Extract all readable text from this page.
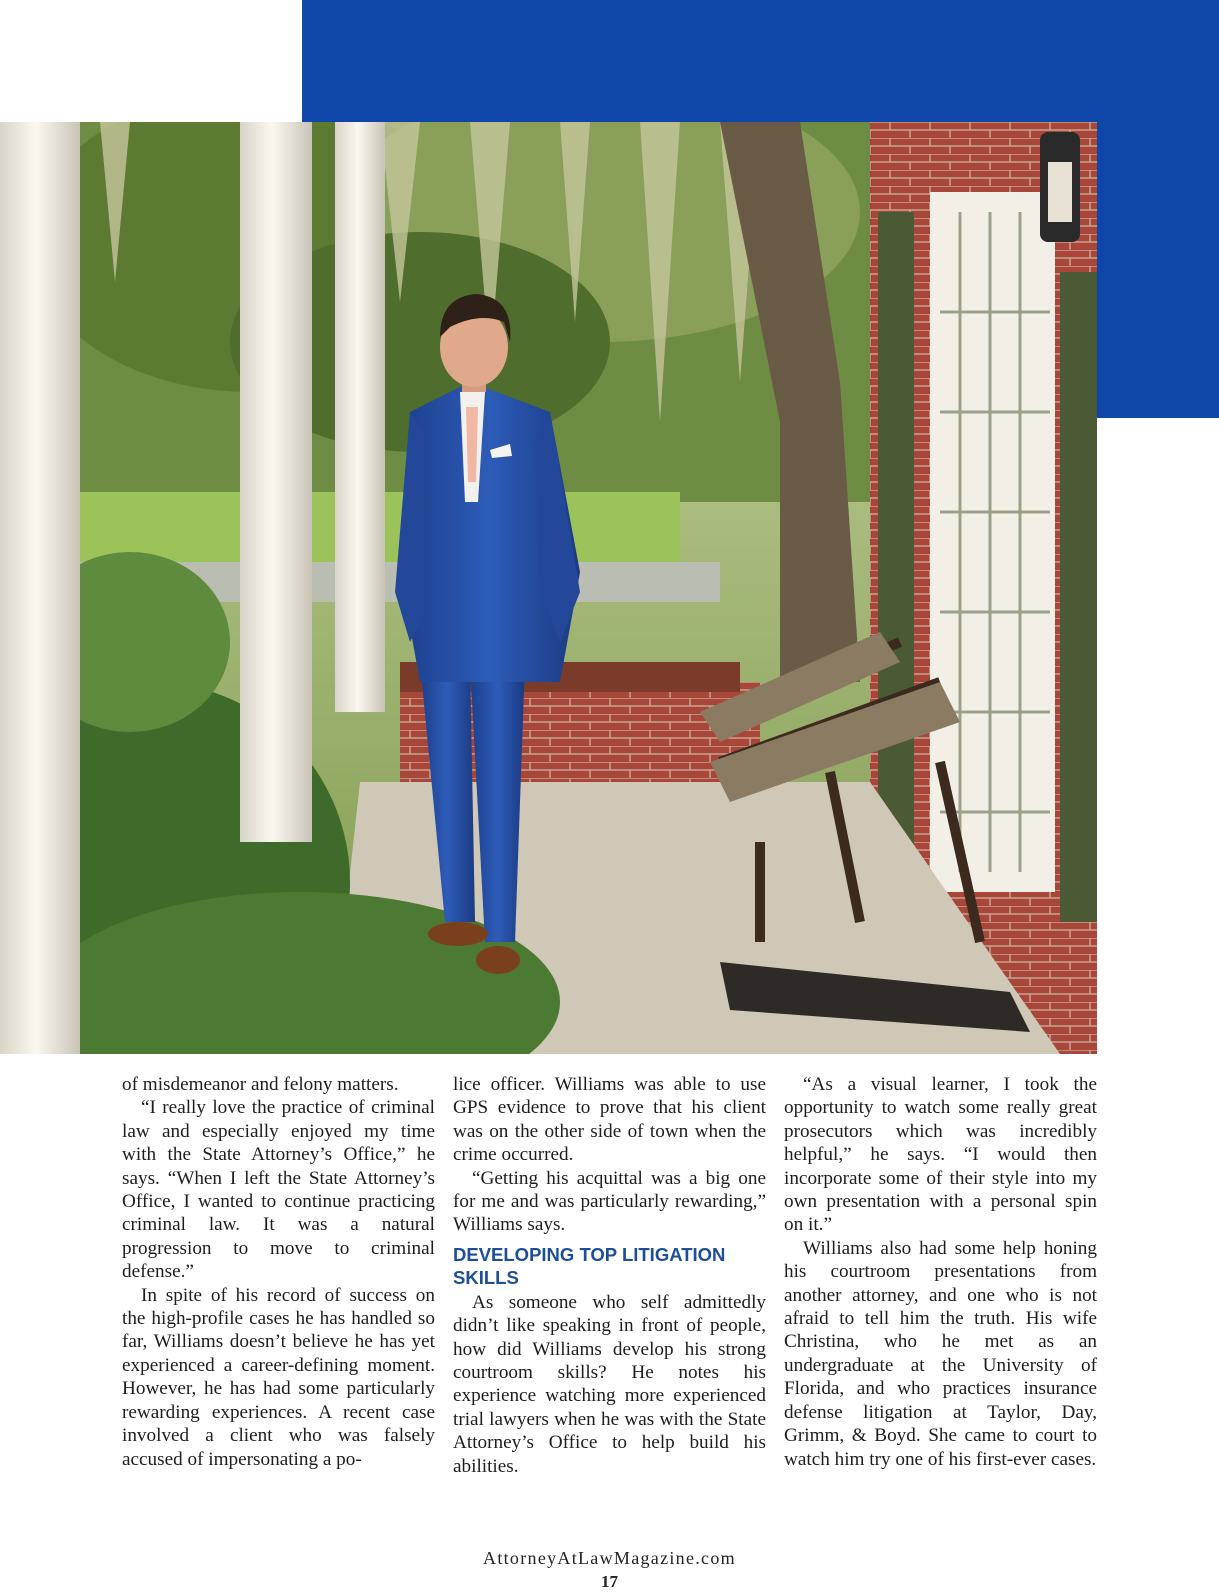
of misdemeanor and felony matters.

“I really love the practice of criminal law and especially enjoyed my time with the State Attorney’s Office,” he says. “When I left the State Attorney’s Office, I wanted to continue practicing criminal law. It was a natural progression to move to criminal defense.”

In spite of his record of success on the high-profile cases he has handled so far, Williams doesn’t believe he has yet experienced a career-defining moment. However, he has had some particularly rewarding experiences. A recent case involved a client who was falsely accused of impersonating a po-

lice officer. Williams was able to use GPS evidence to prove that his client was on the other side of town when the crime occurred.

“Getting his acquittal was a big one for me and was particularly rewarding,” Williams says.

DEVELOPING TOP LITIGATION SKILLS

As someone who self admittedly didn’t like speaking in front of people, how did Williams develop his strong courtroom skills? He notes his experience watching more experienced trial lawyers when he was with the State Attorney’s Office to help build his abilities.

“As a visual learner, I took the opportunity to watch some really great prosecutors which was incredibly helpful,” he says. “I would then incorporate some of their style into my own presentation with a personal spin on it.”

Williams also had some help honing his courtroom presentations from another attorney, and one who is not afraid to tell him the truth. His wife Christina, who he met as an undergraduate at the University of Florida, and who practices insurance defense litigation at Taylor, Day, Grimm, & Boyd. She came to court to watch him try one of his first-ever cases.

AttorneyAtLawMagazine.com
17
